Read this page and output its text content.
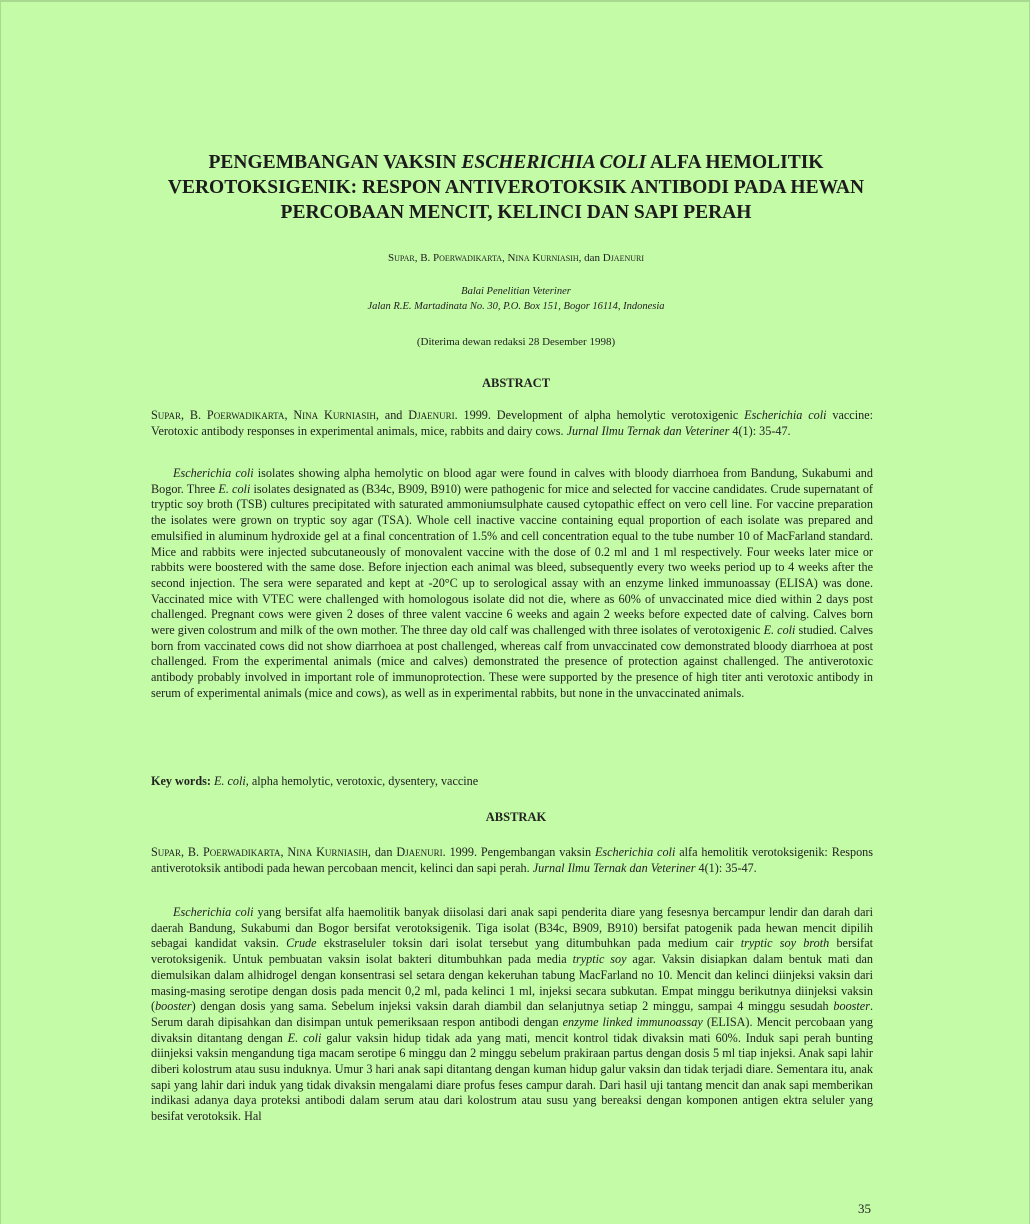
PENGEMBANGAN VAKSIN ESCHERICHIA COLI ALFA HEMOLITIK VEROTOKSIGENIK: RESPON ANTIVEROTOKSIK ANTIBODI PADA HEWAN PERCOBAAN MENCIT, KELINCI DAN SAPI PERAH
Supar, B. Poerwadikarta, Nina Kurniasih, dan Djaenuri
Balai Penelitian Veteriner
Jalan R.E. Martadinata No. 30, P.O. Box 151, Bogor 16114, Indonesia
(Diterima dewan redaksi 28 Desember 1998)
ABSTRACT

Supar, B. Poerwadikarta, Nina Kurniasih, and Djaenuri. 1999. Development of alpha hemolytic verotoxigenic Escherichia coli vaccine: Verotoxic antibody responses in experimental animals, mice, rabbits and dairy cows. Jurnal Ilmu Ternak dan Veteriner 4(1): 35-47.

Escherichia coli isolates showing alpha hemolytic on blood agar were found in calves with bloody diarrhoea from Bandung, Sukabumi and Bogor. Three E. coli isolates designated as (B34c, B909, B910) were pathogenic for mice and selected for vaccine candidates. Crude supernatant of tryptic soy broth (TSB) cultures precipitated with saturated ammoniumsulphate caused cytopathic effect on vero cell line. For vaccine preparation the isolates were grown on tryptic soy agar (TSA). Whole cell inactive vaccine containing equal proportion of each isolate was prepared and emulsified in aluminum hydroxide gel at a final concentration of 1.5% and cell concentration equal to the tube number 10 of MacFarland standard. Mice and rabbits were injected subcutaneously of monovalent vaccine with the dose of 0.2 ml and 1 ml respectively. Four weeks later mice or rabbits were boostered with the same dose. Before injection each animal was bleed, subsequently every two weeks period up to 4 weeks after the second injection. The sera were separated and kept at -20°C up to serological assay with an enzyme linked immunoassay (ELISA) was done. Vaccinated mice with VTEC were challenged with homologous isolate did not die, where as 60% of unvaccinated mice died within 2 days post challenged. Pregnant cows were given 2 doses of three valent vaccine 6 weeks and again 2 weeks before expected date of calving. Calves born were given colostrum and milk of the own mother. The three day old calf was challenged with three isolates of verotoxigenic E. coli studied. Calves born from vaccinated cows did not show diarrhoea at post challenged, whereas calf from unvaccinated cow demonstrated bloody diarrhoea at post challenged. From the experimental animals (mice and calves) demonstrated the presence of protection against challenged. The antiverotoxic antibody probably involved in important role of immunoprotection. These were supported by the presence of high titer anti verotoxic antibody in serum of experimental animals (mice and cows), as well as in experimental rabbits, but none in the unvaccinated animals.

Key words: E. coli, alpha hemolytic, verotoxic, dysentery, vaccine

ABSTRAK

Supar, B. Poerwadikarta, Nina Kurniasih, dan Djaenuri. 1999. Pengembangan vaksin Escherichia coli alfa hemolitik verotoksigenik: Respons antiverotoksik antibodi pada hewan percobaan mencit, kelinci dan sapi perah. Jurnal Ilmu Ternak dan Veteriner 4(1): 35-47.

Escherichia coli yang bersifat alfa haemolitik banyak diisolasi dari anak sapi penderita diare yang fesesnya bercampur lendir dan darah dari daerah Bandung, Sukabumi dan Bogor bersifat verotoksigenik. Tiga isolat (B34c, B909, B910) bersifat patogenik pada hewan mencit dipilih sebagai kandidat vaksin. Crude ekstraseluler toksin dari isolat tersebut yang ditumbuhkan pada medium cair tryptic soy broth bersifat verotoksigenik. Untuk pembuatan vaksin isolat bakteri ditumbuhkan pada media tryptic soy agar. Vaksin disiapkan dalam bentuk mati dan diemulsikan dalam alhidrogel dengan konsentrasi sel setara dengan kekeruhan tabung MacFarland no 10. Mencit dan kelinci diinjeksi vaksin dari masing-masing serotipe dengan dosis pada mencit 0,2 ml, pada kelinci 1 ml, injeksi secara subkutan. Empat minggu berikutnya diinjeksi vaksin (booster) dengan dosis yang sama. Sebelum injeksi vaksin darah diambil dan selanjutnya setiap 2 minggu, sampai 4 minggu sesudah booster. Serum darah dipisahkan dan disimpan untuk pemeriksaan respon antibodi dengan enzyme linked immunoassay (ELISA). Mencit percobaan yang divaksin ditantang dengan E. coli galur vaksin hidup tidak ada yang mati, mencit kontrol tidak divaksin mati 60%. Induk sapi perah bunting diinjeksi vaksin mengandung tiga macam serotipe 6 minggu dan 2 minggu sebelum prakiraan partus dengan dosis 5 ml tiap injeksi. Anak sapi lahir diberi kolostrum atau susu induknya. Umur 3 hari anak sapi ditantang dengan kuman hidup galur vaksin dan tidak terjadi diare. Sementara itu, anak sapi yang lahir dari induk yang tidak divaksin mengalami diare profus feses campur darah. Dari hasil uji tantang mencit dan anak sapi memberikan indikasi adanya daya proteksi antibodi dalam serum atau dari kolostrum atau susu yang bereaksi dengan komponen antigen ektra seluler yang besifat verotoksik. Hal

35
